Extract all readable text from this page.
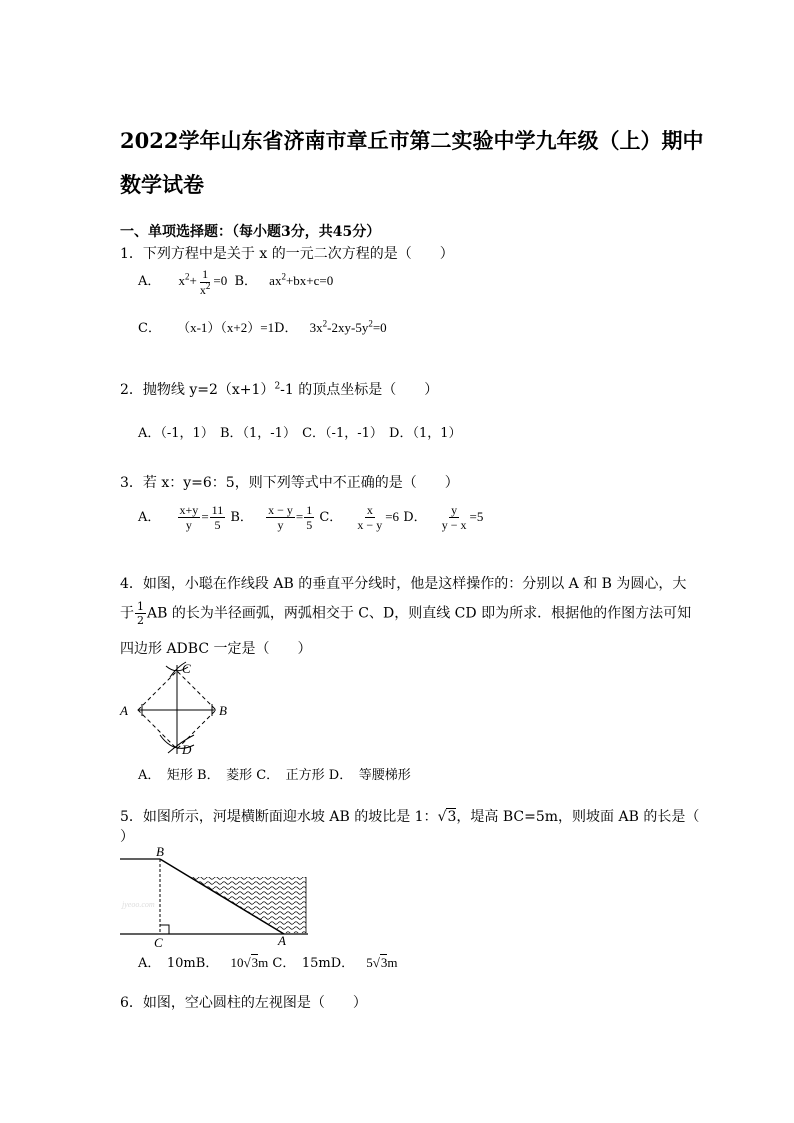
2022学年山东省济南市章丘市第二实验中学九年级（上）期中
数学试卷
一、单项选择题：（每小题3分，共45分）
1．下列方程中是关于 x 的一元二次方程的是（　　）
A． $x^2+ \frac{1}{x^2} =0$ B． $ax^2+bx+c=0$
C． （x-1）（x+2）=1D． $3x^2-2xy-5y^2=0$
2．抛物线 $y=2(x+1)^2-1$ 的顶点坐标是（　　）
A．（-1，1） B．（1，-1） C．（-1，-1） D．（1，1）
3．若 x：y=6：5，则下列等式中不正确的是（　　）
A． $\frac{x+y}{y} = \frac{11}{5}$ B． $\frac{x - y}{y} = \frac{1}{5}$ C． $\frac{x}{x - y} =6$ D． $\frac{y}{y - x} =5$
4．如图，小聪在作线段 AB 的垂直平分线时，他是这样操作的：分别以 A 和 B 为圆心，大
于 $\frac{1}{2}$ AB 的长为半径画弧，两弧相交于 C、D，则直线 CD 即为所求．根据他的作图方法可知
四边形 ADBC 一定是（　　）
A	B
C
D
A．　矩形 B．　菱形 C．　正方形 D．　等腰梯形
5．如图所示，河堤横断面迎水坡 AB 的坡比是 1：√3，堤高 BC=5m，则坡面 AB 的长是（
）
B
C	A
jyeoo.com
A．　10mB． 10√3m C．　15mD． 5√3m
6．如图，空心圆柱的左视图是（　　）
